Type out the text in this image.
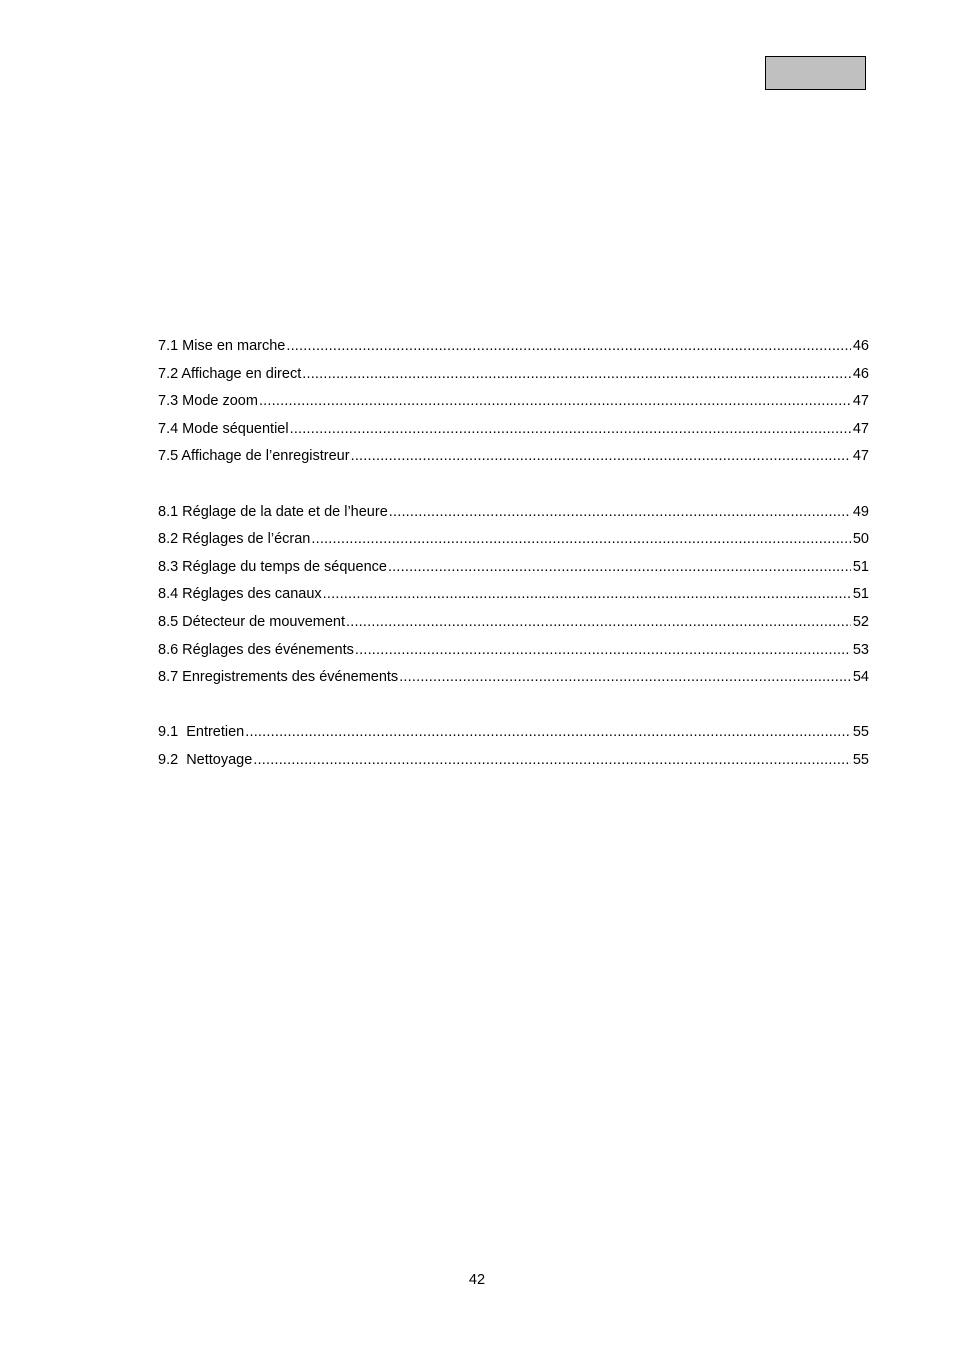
7.1 Mise en marche .....	46
7.2 Affichage en direct .....	46
7.3 Mode zoom .....	47
7.4 Mode séquentiel .....	47
7.5 Affichage de l’enregistreur .....	47
8.1 Réglage de la date et de l’heure .....	49
8.2 Réglages de l’écran .....	50
8.3 Réglage du temps de séquence .....	51
8.4 Réglages des canaux .....	51
8.5 Détecteur de mouvement .....	52
8.6 Réglages des événements .....	53
8.7 Enregistrements des événements .....	54
9.1  Entretien .....	55
9.2  Nettoyage .....	55
42
